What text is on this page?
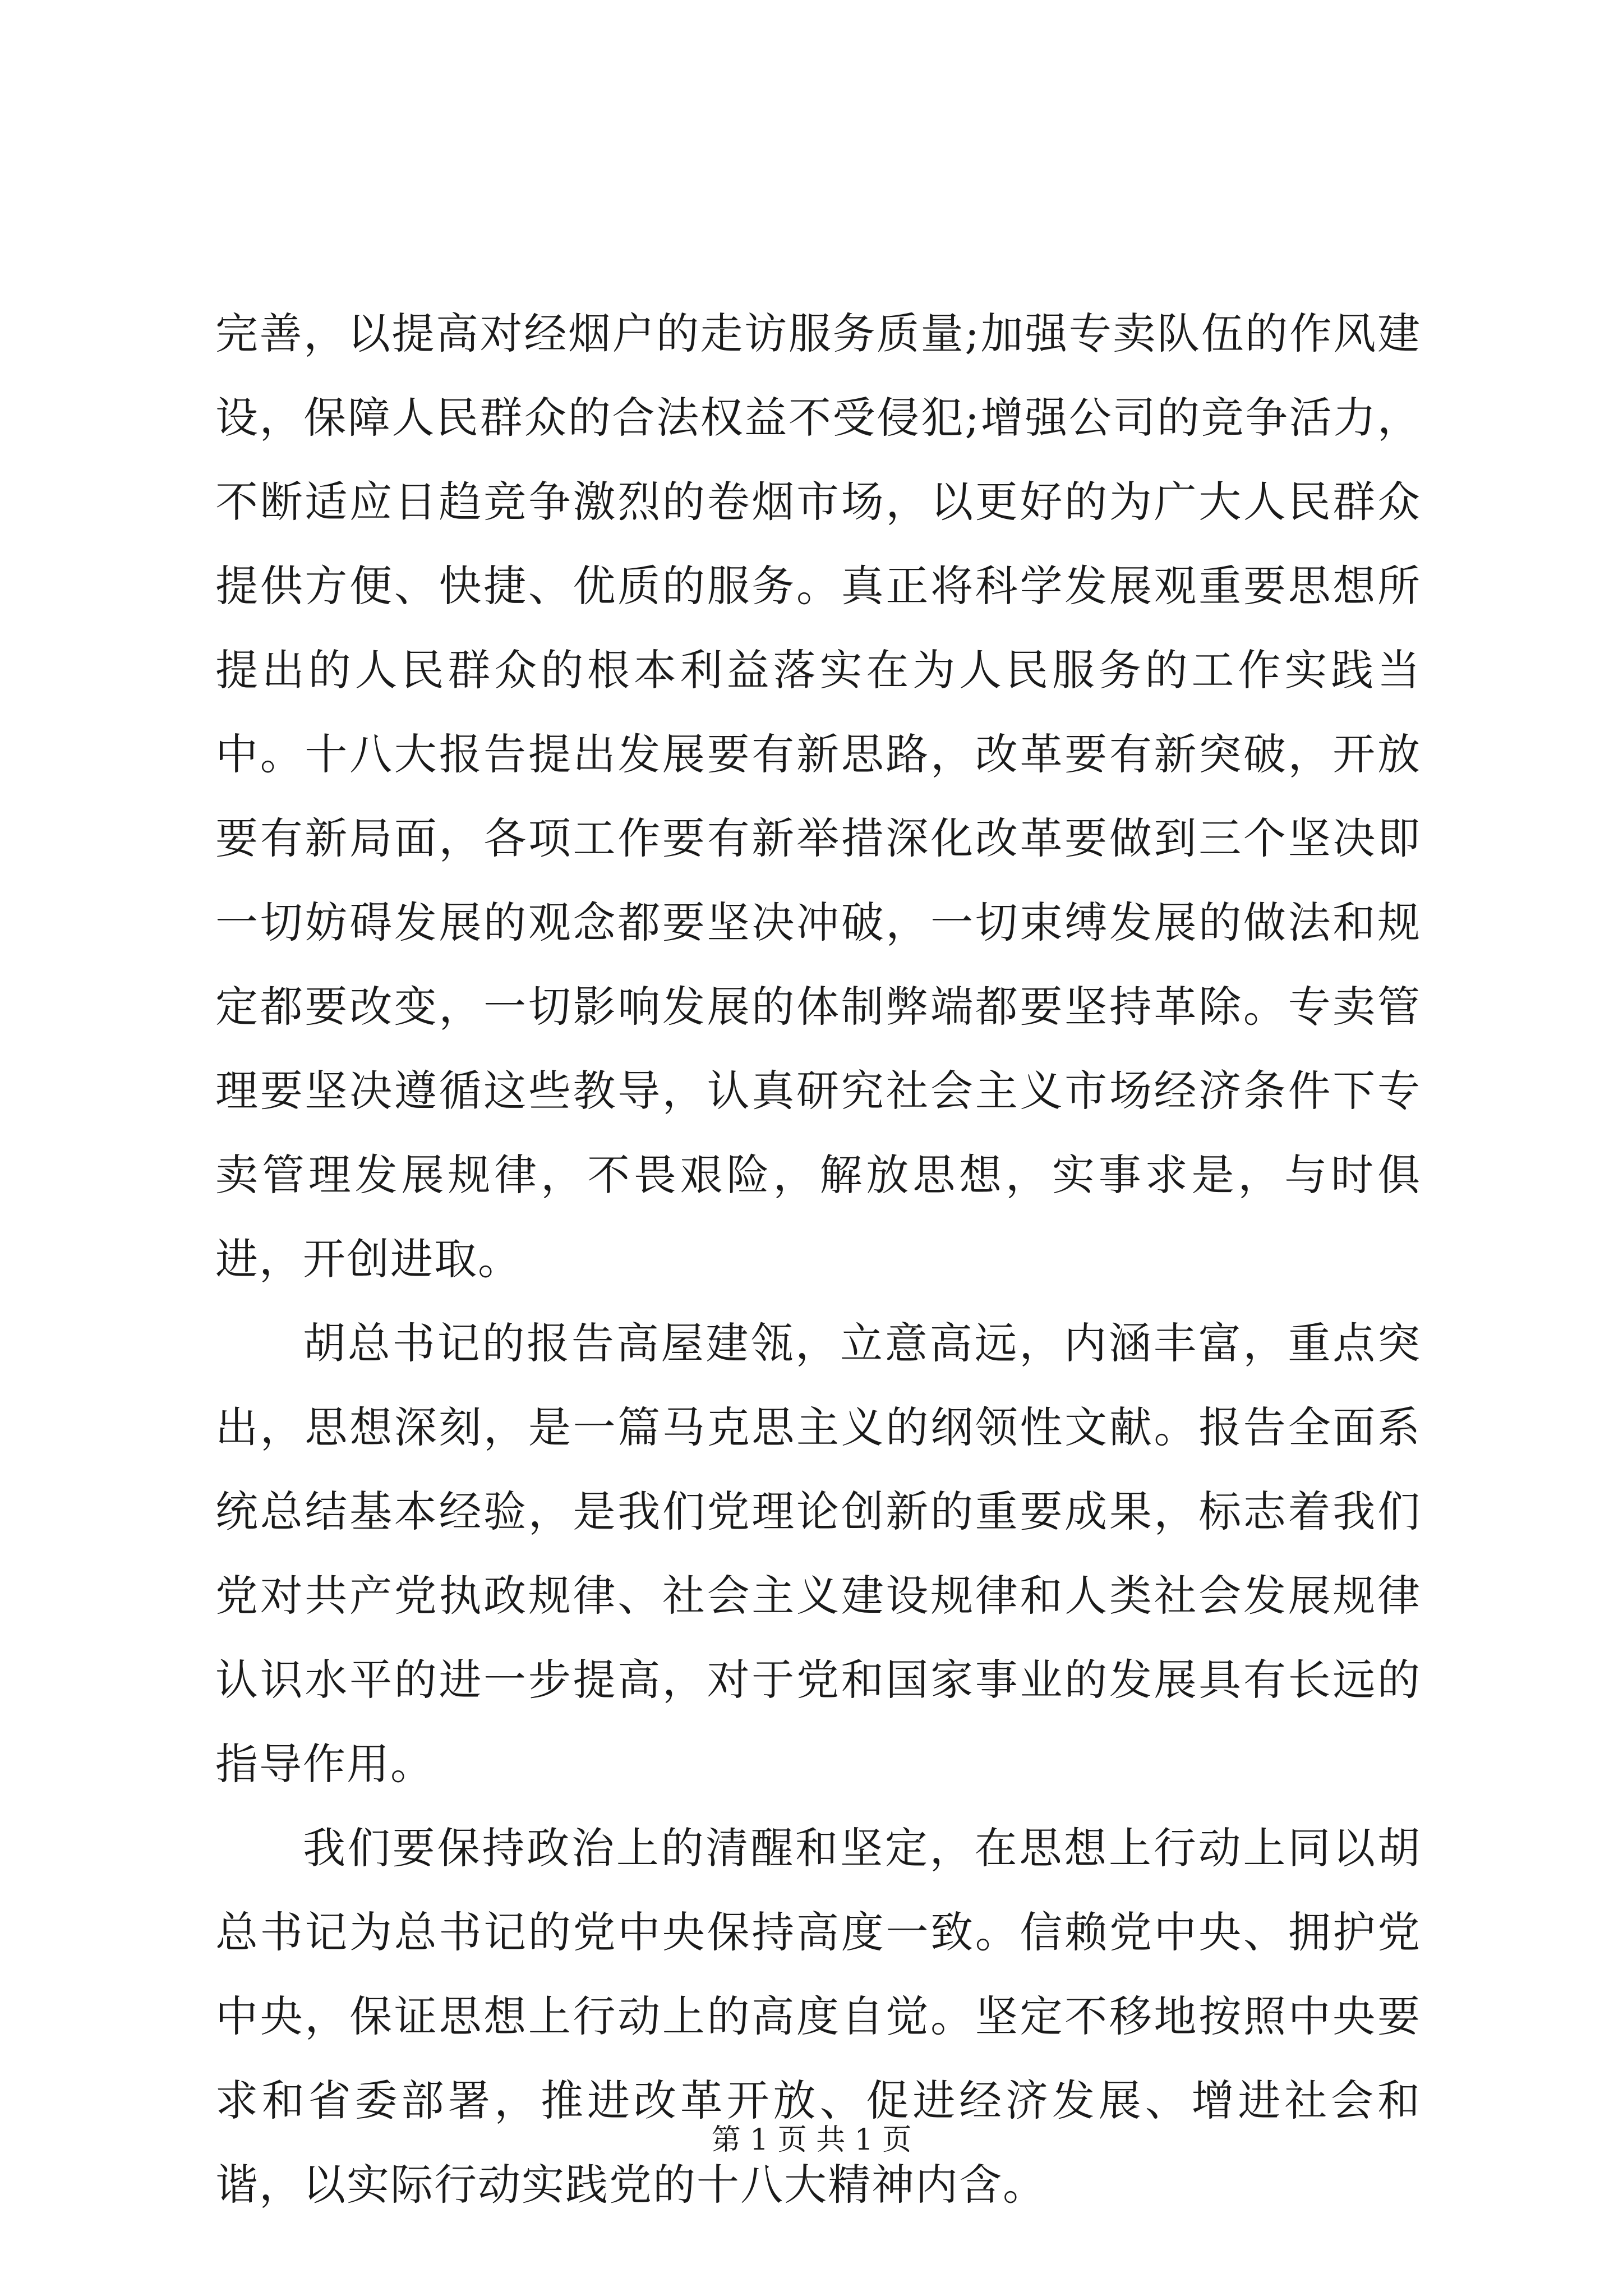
完善，以提高对经烟户的走访服务质量;加强专卖队伍的作风建设，保障人民群众的合法权益不受侵犯;增强公司的竞争活力，不断适应日趋竞争激烈的卷烟市场，以更好的为广大人民群众提供方便、快捷、优质的服务。真正将科学发展观重要思想所提出的人民群众的根本利益落实在为人民服务的工作实践当中。十八大报告提出发展要有新思路，改革要有新突破，开放要有新局面，各项工作要有新举措深化改革要做到三个坚决即一切妨碍发展的观念都要坚决冲破，一切束缚发展的做法和规定都要改变，一切影响发展的体制弊端都要坚持革除。专卖管理要坚决遵循这些教导，认真研究社会主义市场经济条件下专卖管理发展规律，不畏艰险，解放思想，实事求是，与时俱进，开创进取。

胡总书记的报告高屋建瓴，立意高远，内涵丰富，重点突出，思想深刻，是一篇马克思主义的纲领性文献。报告全面系统总结基本经验，是我们党理论创新的重要成果，标志着我们党对共产党执政规律、社会主义建设规律和人类社会发展规律认识水平的进一步提高，对于党和国家事业的发展具有长远的指导作用。

我们要保持政治上的清醒和坚定，在思想上行动上同以胡总书记为总书记的党中央保持高度一致。信赖党中央、拥护党中央，保证思想上行动上的高度自觉。坚定不移地按照中央要求和省委部署，推进改革开放、促进经济发展、增进社会和谐，以实际行动实践党的十八大精神内含。

第 1 页 共 1 页
